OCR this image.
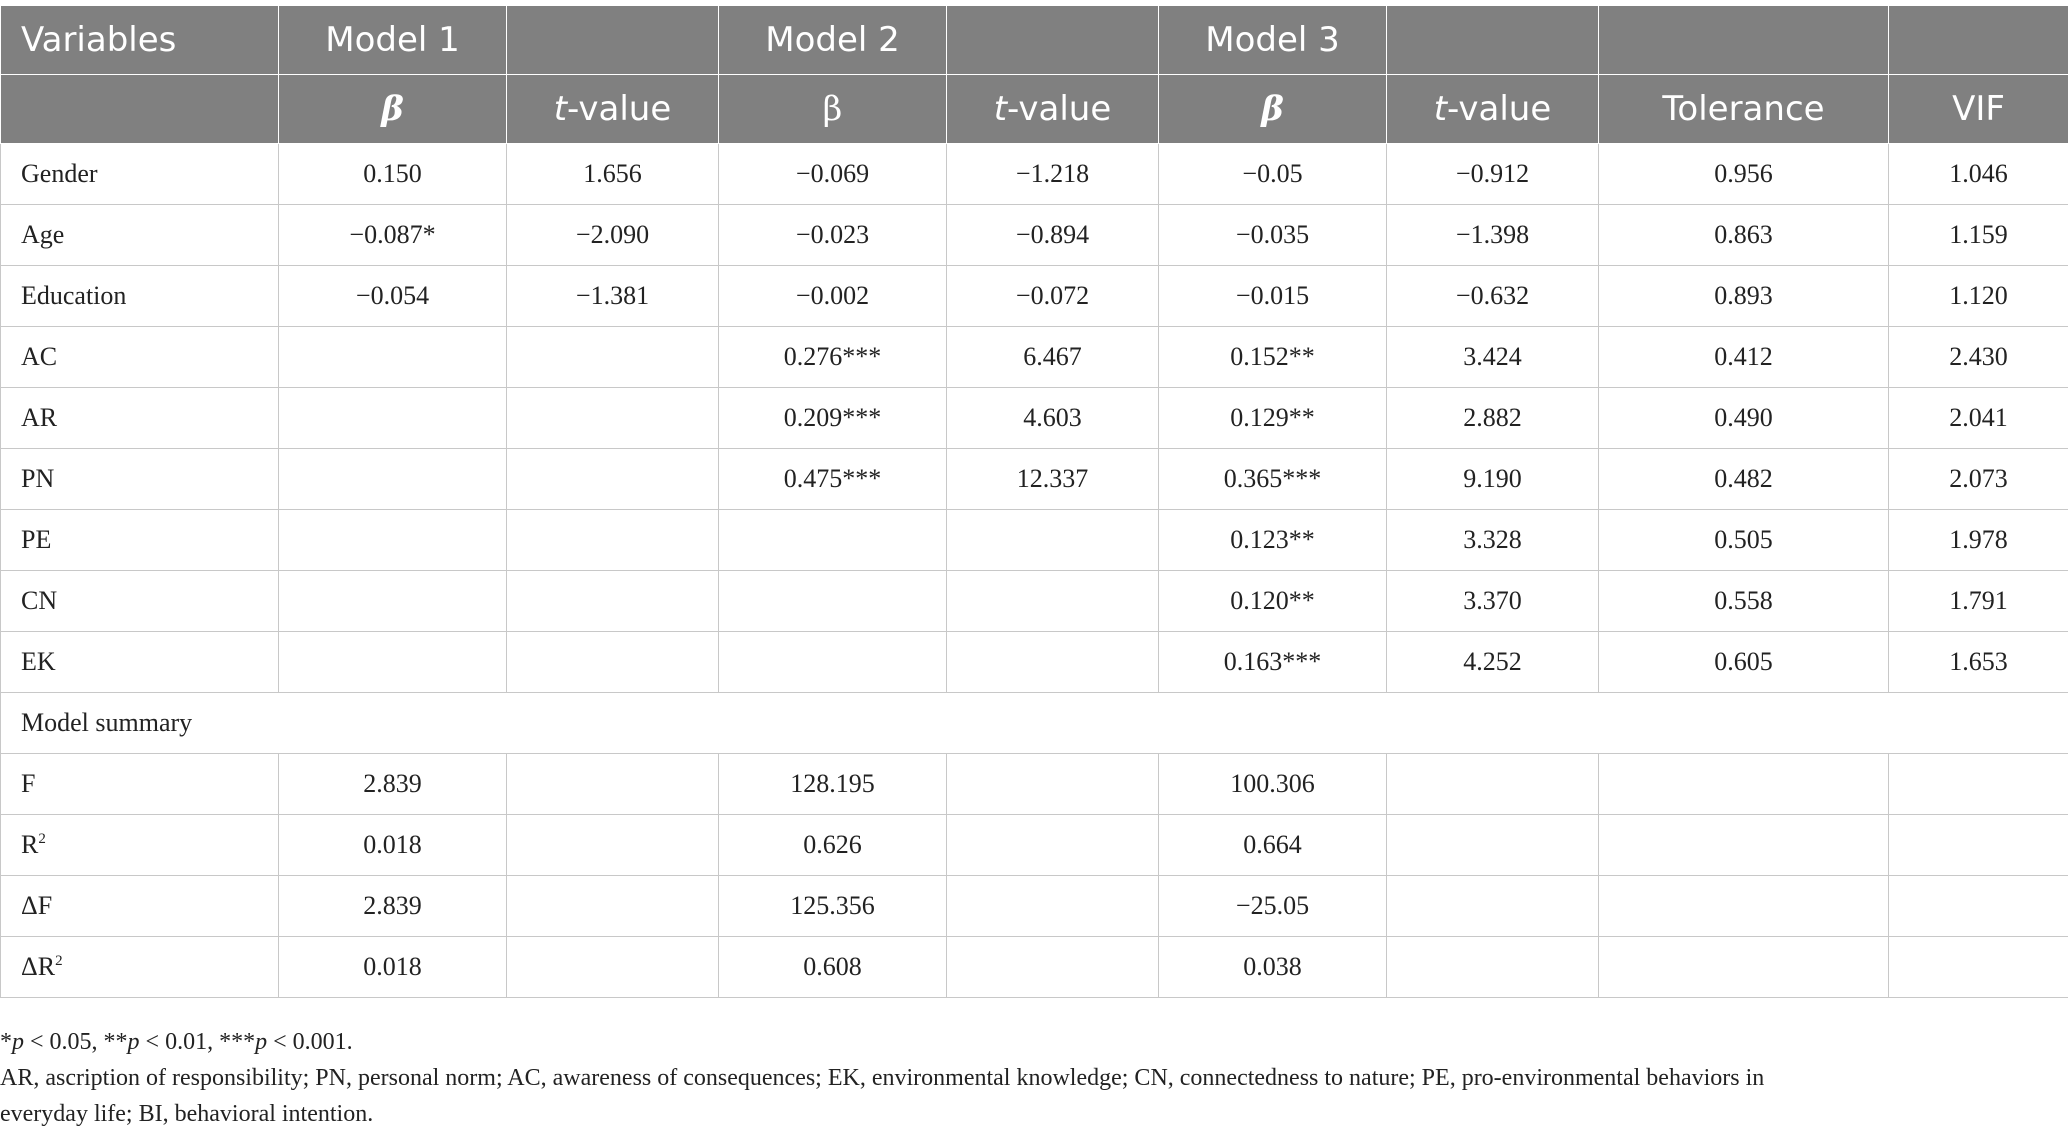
Variables	Model 1		Model 2		Model 3			
	β	t-value	β	t-value	β	t-value	Tolerance	VIF
Gender	0.150	1.656	−0.069	−1.218	−0.05	−0.912	0.956	1.046
Age	−0.087*	−2.090	−0.023	−0.894	−0.035	−1.398	0.863	1.159
Education	−0.054	−1.381	−0.002	−0.072	−0.015	−0.632	0.893	1.120
AC			0.276***	6.467	0.152**	3.424	0.412	2.430
AR			0.209***	4.603	0.129**	2.882	0.490	2.041
PN			0.475***	12.337	0.365***	9.190	0.482	2.073
PE					0.123**	3.328	0.505	1.978
CN					0.120**	3.370	0.558	1.791
EK					0.163***	4.252	0.605	1.653
Model summary								
F	2.839		128.195		100.306			
$R^2$	0.018		0.626		0.664			
ΔF	2.839		125.356		−25.05			
$\Delta R^2$	0.018		0.608		0.038			

*p < 0.05, **p < 0.01, ***p < 0.001.

AR, ascription of responsibility; PN, personal norm; AC, awareness of consequences; EK, environmental knowledge; CN, connectedness to nature; PE, pro-environmental behaviors in

everyday life; BI, behavioral intention.
